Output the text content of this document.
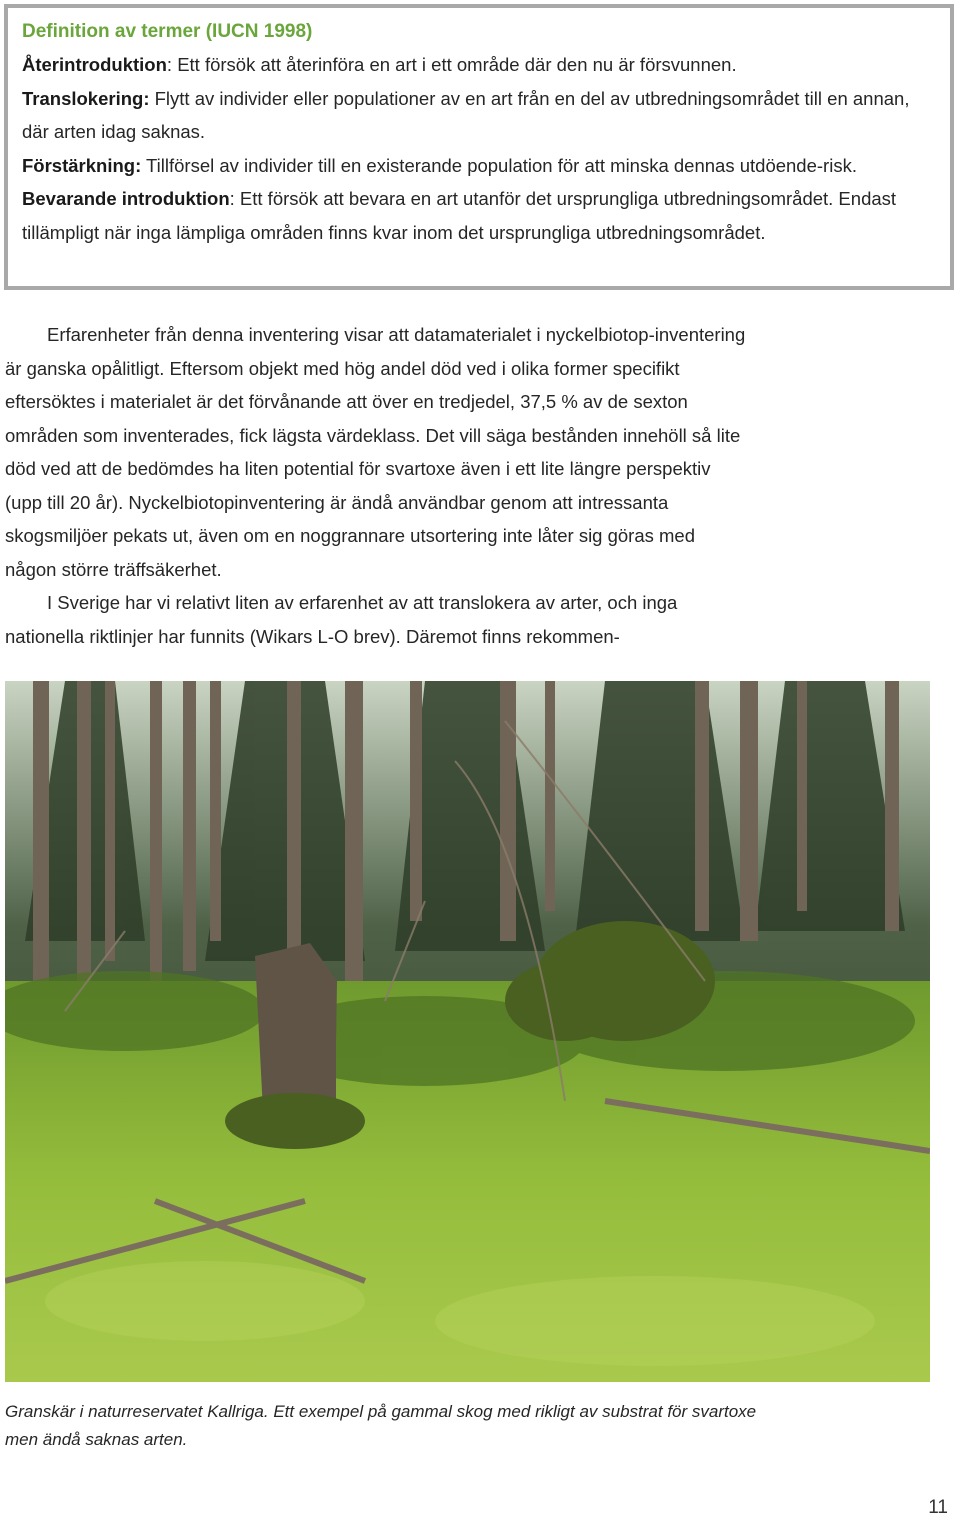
Definition av termer (IUCN 1998)

Återintroduktion: Ett försök att återinföra en art i ett område där den nu är försvunnen.

Translokering: Flytt av individer eller populationer av en art från en del av utbredningsområdet till en annan, där arten idag saknas.

Förstärkning: Tillförsel av individer till en existerande population för att minska dennas utdöende-risk.

Bevarande introduktion: Ett försök att bevara en art utanför det ursprungliga utbredningsområdet. Endast tillämpligt när inga lämpliga områden finns kvar inom det ursprungliga utbredningsområdet.

Erfarenheter från denna inventering visar att datamaterialet i nyckelbiotop-inventering är ganska opålitligt. Eftersom objekt med hög andel död ved i olika former specifikt eftersöktes i materialet är det förvånande att över en tredjedel, 37,5 % av de sexton områden som inventerades, fick lägsta värdeklass. Det vill säga bestånden innehöll så lite död ved att de bedömdes ha liten potential för svartoxe även i ett lite längre perspektiv (upp till 20 år). Nyckelbiotopinventering är ändå användbar genom att intressanta skogsmiljöer pekats ut, även om en noggrannare utsortering inte låter sig göras med någon större träffsäkerhet.

I Sverige har vi relativt liten av erfarenhet av att translokera av arter, och inga nationella riktlinjer har funnits (Wikars L-O brev). Däremot finns rekommen-

Granskär i naturreservatet Kallriga. Ett exempel på gammal skog med rikligt av substrat för svartoxe men ändå saknas arten.
11
